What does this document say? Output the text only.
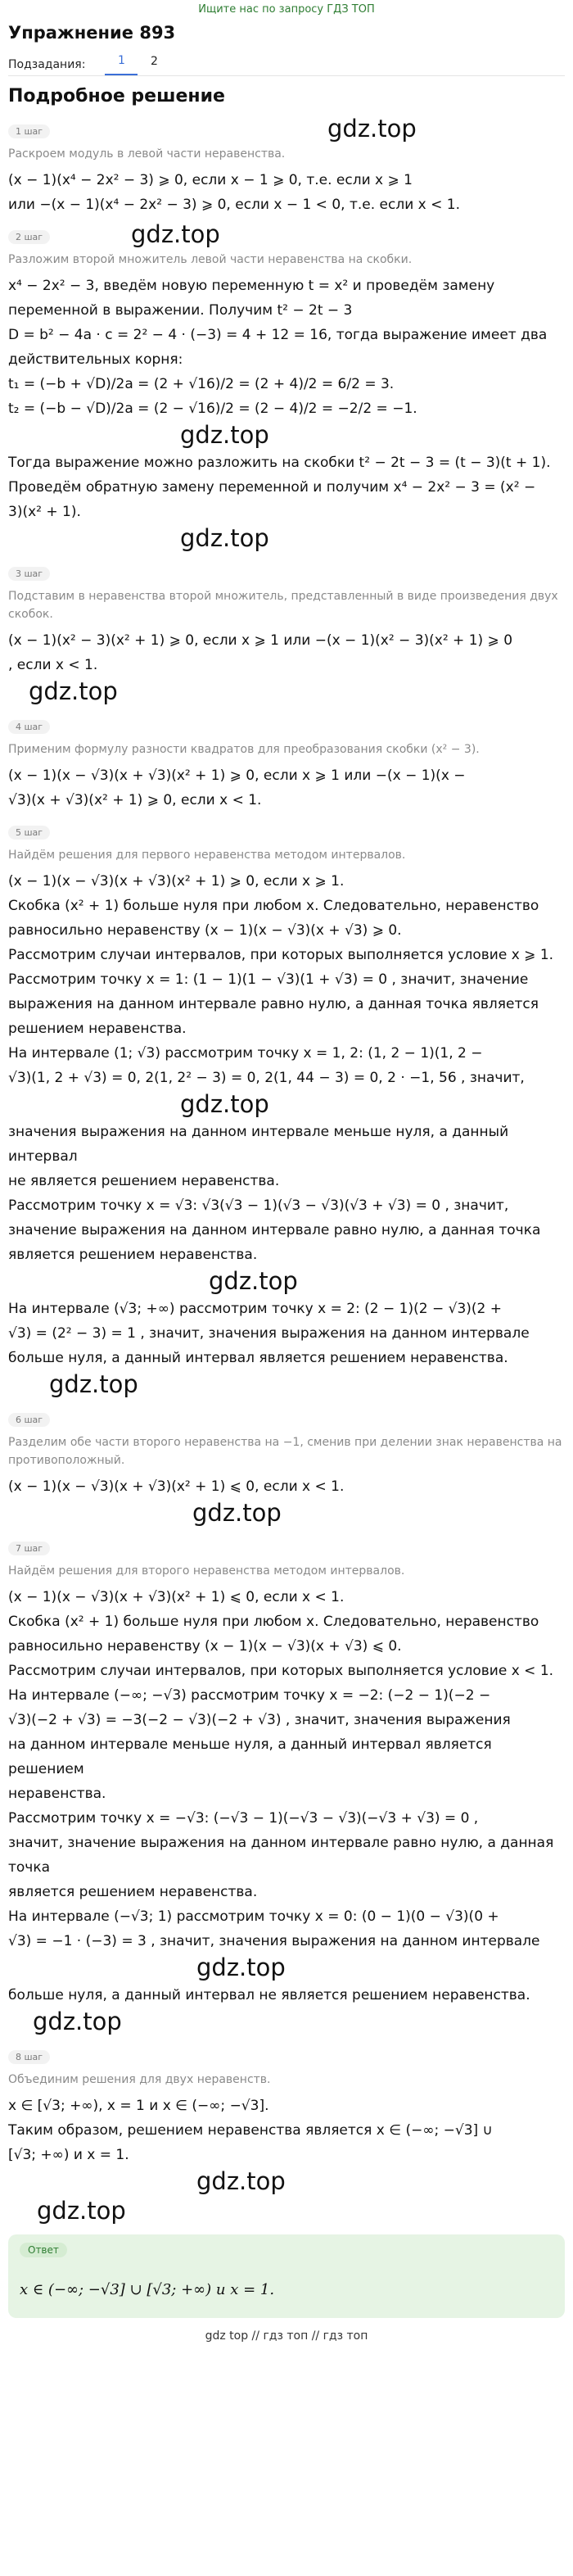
Ищите нас по запросу ГДЗ ТОП
Упражнение 893
Подзадания:	1	2
Подробное решение
1 шаг
Раскроем модуль в левой части неравенства.
(x − 1)(x⁴ − 2x² − 3) ⩾ 0, если x − 1 ⩾ 0, т.е. если x ⩾ 1
или −(x − 1)(x⁴ − 2x² − 3) ⩾ 0, если x − 1 < 0, т.е. если x < 1.
gdz.top
2 шаг
Разложим второй множитель левой части неравенства на скобки.
x⁴ − 2x² − 3, введём новую переменную t = x² и проведём замену
переменной в выражении. Получим t² − 2t − 3
D = b² − 4a · c = 2² − 4 · (−3) = 4 + 12 = 16, тогда выражение имеет два
действительных корня:
t₁ = (−b + √D)/2a = (2 + √16)/2 = (2 + 4)/2 = 6/2 = 3.
t₂ = (−b − √D)/2a = (2 − √16)/2 = (2 − 4)/2 = −2/2 = −1.
gdz.top
Тогда выражение можно разложить на скобки t² − 2t − 3 = (t − 3)(t + 1).
Проведём обратную замену переменной и получим x⁴ − 2x² − 3 = (x² −
3)(x² + 1).
gdz.top
gdz.top
3 шаг
Подставим в неравенства второй множитель, представленный в виде произведения двух скобок.
(x − 1)(x² − 3)(x² + 1) ⩾ 0, если x ⩾ 1 или −(x − 1)(x² − 3)(x² + 1) ⩾ 0
, если x < 1.
gdz.top
4 шаг
Применим формулу разности квадратов для преобразования скобки (x² − 3).
(x − 1)(x − √3)(x + √3)(x² + 1) ⩾ 0, если x ⩾ 1 или −(x − 1)(x −
√3)(x + √3)(x² + 1) ⩾ 0, если x < 1.
5 шаг
Найдём решения для первого неравенства методом интервалов.
(x − 1)(x − √3)(x + √3)(x² + 1) ⩾ 0, если x ⩾ 1.
Скобка (x² + 1) больше нуля при любом x. Следовательно, неравенство
равносильно неравенству (x − 1)(x − √3)(x + √3) ⩾ 0.
Рассмотрим случаи интервалов, при которых выполняется условие x ⩾ 1.
Рассмотрим точку x = 1: (1 − 1)(1 − √3)(1 + √3) = 0 , значит, значение
выражения на данном интервале равно нулю, а данная точка является
решением неравенства.
На интервале (1; √3) рассмотрим точку x = 1, 2: (1, 2 − 1)(1, 2 −
√3)(1, 2 + √3) = 0, 2(1, 2² − 3) = 0, 2(1, 44 − 3) = 0, 2 · −1, 56 , значит,
gdz.top
значения выражения на данном интервале меньше нуля, а данный интервал
не является решением неравенства.
Рассмотрим точку x = √3: √3(√3 − 1)(√3 − √3)(√3 + √3) = 0 , значит,
значение выражения на данном интервале равно нулю, а данная точка
является решением неравенства.
gdz.top
На интервале (√3; +∞) рассмотрим точку x = 2: (2 − 1)(2 − √3)(2 +
√3) = (2² − 3) = 1 , значит, значения выражения на данном интервале
больше нуля, а данный интервал является решением неравенства.
gdz.top
6 шаг
Разделим обе части второго неравенства на −1, сменив при делении знак неравенства на противоположный.
(x − 1)(x − √3)(x + √3)(x² + 1) ⩽ 0, если x < 1.
gdz.top
7 шаг
Найдём решения для второго неравенства методом интервалов.
(x − 1)(x − √3)(x + √3)(x² + 1) ⩽ 0, если x < 1.
Скобка (x² + 1) больше нуля при любом x. Следовательно, неравенство
равносильно неравенству (x − 1)(x − √3)(x + √3) ⩽ 0.
Рассмотрим случаи интервалов, при которых выполняется условие x < 1.
На интервале (−∞; −√3) рассмотрим точку x = −2: (−2 − 1)(−2 −
√3)(−2 + √3) = −3(−2 − √3)(−2 + √3) , значит, значения выражения
на данном интервале меньше нуля, а данный интервал является решением
неравенства.
Рассмотрим точку x = −√3: (−√3 − 1)(−√3 − √3)(−√3 + √3) = 0 ,
значит, значение выражения на данном интервале равно нулю, а данная точка
является решением неравенства.
На интервале (−√3; 1) рассмотрим точку x = 0: (0 − 1)(0 − √3)(0 +
√3) = −1 · (−3) = 3 , значит, значения выражения на данном интервале
gdz.top
больше нуля, а данный интервал не является решением неравенства.
gdz.top
8 шаг
Объединим решения для двух неравенств.
x ∈ [√3; +∞), x = 1 и x ∈ (−∞; −√3].
Таким образом, решением неравенства является x ∈ (−∞; −√3] ∪
[√3; +∞) и x = 1.
gdz.top
gdz.top
Ответ
x ∈ (−∞; −√3] ∪ [√3; +∞) и x = 1.
gdz top // гдз топ // гдз топ
